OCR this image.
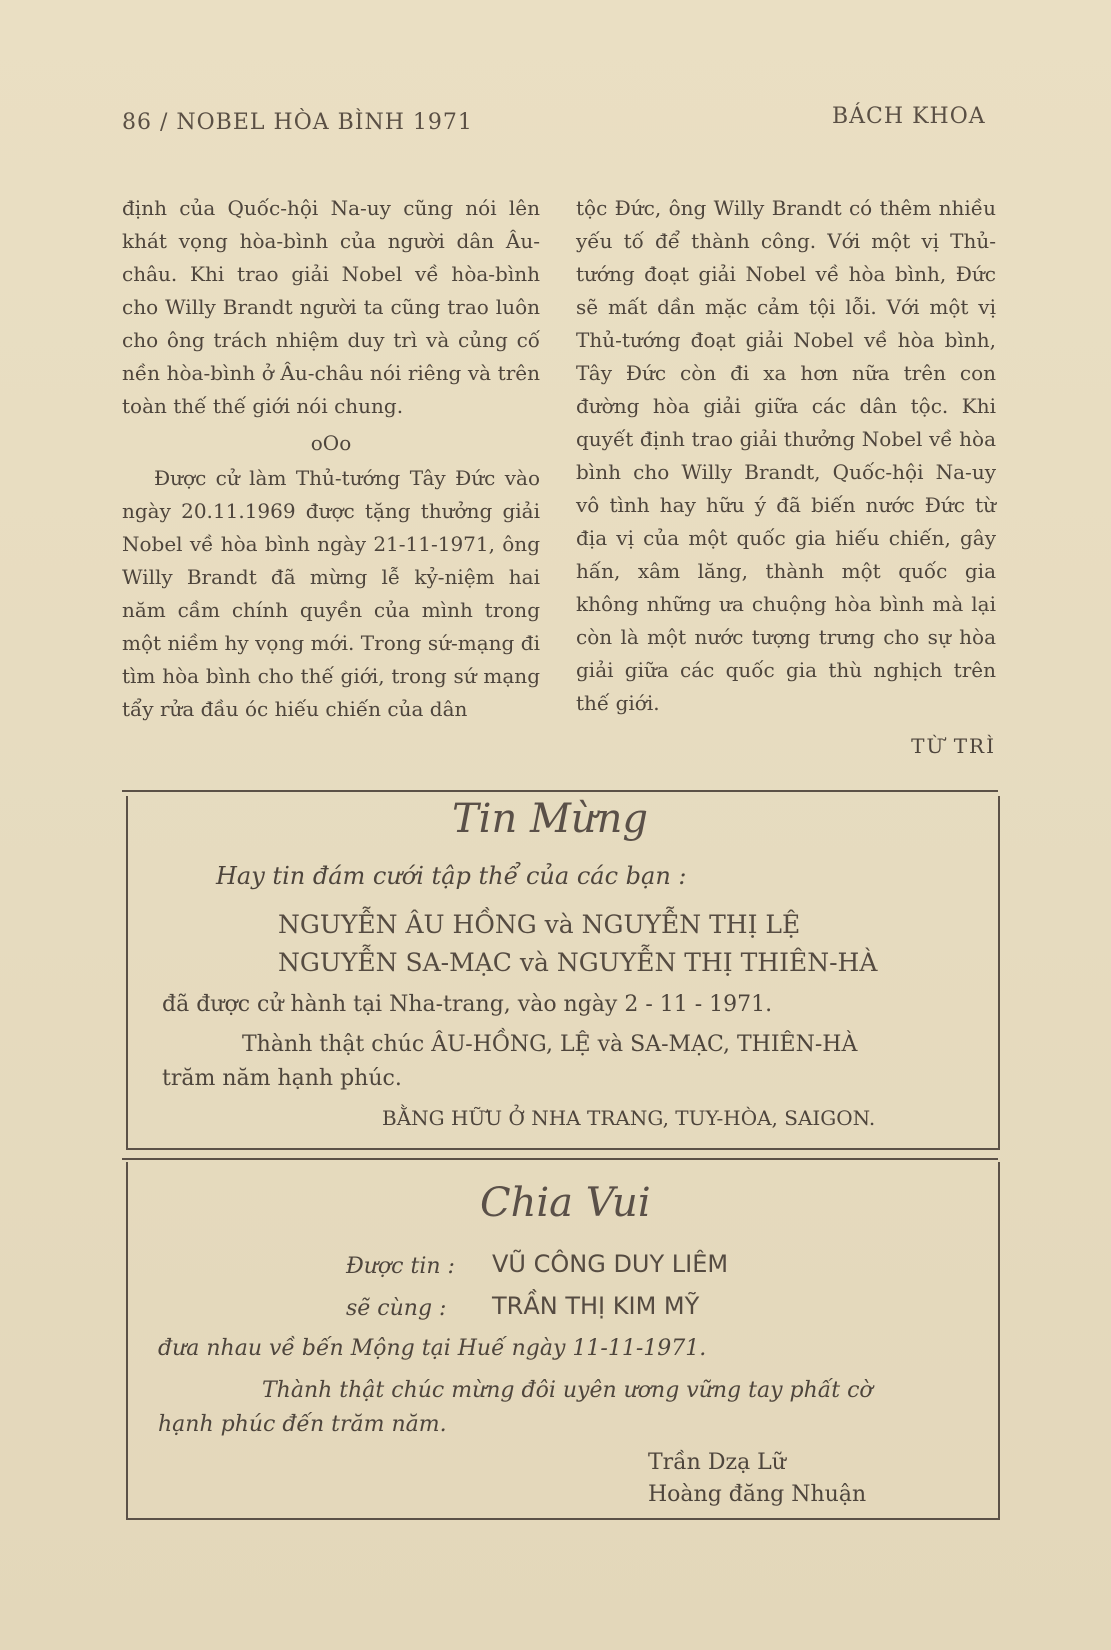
86 / NOBEL HÒA BÌNH 1971	BÁCH KHOA

định của Quốc-hội Na-uy cũng nói lên khát vọng hòa-bình của người dân Âu-châu. Khi trao giải Nobel về hòa-bình cho Willy Brandt người ta cũng trao luôn cho ông trách nhiệm duy trì và củng cố nền hòa-bình ở Âu-châu nói riêng và trên toàn thế thế giới nói chung.

oOo

Được cử làm Thủ-tướng Tây Đức vào ngày 20.11.1969 được tặng thưởng giải Nobel về hòa bình ngày 21-11-1971, ông Willy Brandt đã mừng lễ kỷ-niệm hai năm cầm chính quyền của mình trong một niềm hy vọng mới. Trong sứ-mạng đi tìm hòa bình cho thế giới, trong sứ mạng tẩy rửa đầu óc hiếu chiến của dân

tộc Đức, ông Willy Brandt có thêm nhiều yếu tố để thành công. Với một vị Thủ-tướng đoạt giải Nobel về hòa bình, Đức sẽ mất dần mặc cảm tội lỗi. Với một vị Thủ-tướng đoạt giải Nobel về hòa bình, Tây Đức còn đi xa hơn nữa trên con đường hòa giải giữa các dân tộc. Khi quyết định trao giải thưởng Nobel về hòa bình cho Willy Brandt, Quốc-hội Na-uy vô tình hay hữu ý đã biến nước Đức từ địa vị của một quốc gia hiếu chiến, gây hấn, xâm lăng, thành một quốc gia không những ưa chuộng hòa bình mà lại còn là một nước tượng trưng cho sự hòa giải giữa các quốc gia thù nghịch trên thế giới.

TỪ TRÌ
Tin Mừng
Hay tin đám cưới tập thể của các bạn :
NGUYỄN ÂU HỒNG và NGUYỄN THỊ LỆ
NGUYỄN SA-MẠC và NGUYỄN THỊ THIÊN-HÀ
đã được cử hành tại Nha-trang, vào ngày 2 - 11 - 1971.
Thành thật chúc ÂU-HỒNG, LỆ và SA-MẠC, THIÊN-HÀ
trăm năm hạnh phúc.
BẰNG HỮU Ở NHA TRANG, TUY-HÒA, SAIGON.
Chia Vui
Được tin : VŨ CÔNG DUY LIÊM
sẽ cùng : TRẦN THỊ KIM MỸ
đưa nhau về bến Mộng tại Huế ngày 11-11-1971.
Thành thật chúc mừng đôi uyên ương vững tay phất cờ
hạnh phúc đến trăm năm.
Trần Dzạ Lữ
Hoàng đăng Nhuận
